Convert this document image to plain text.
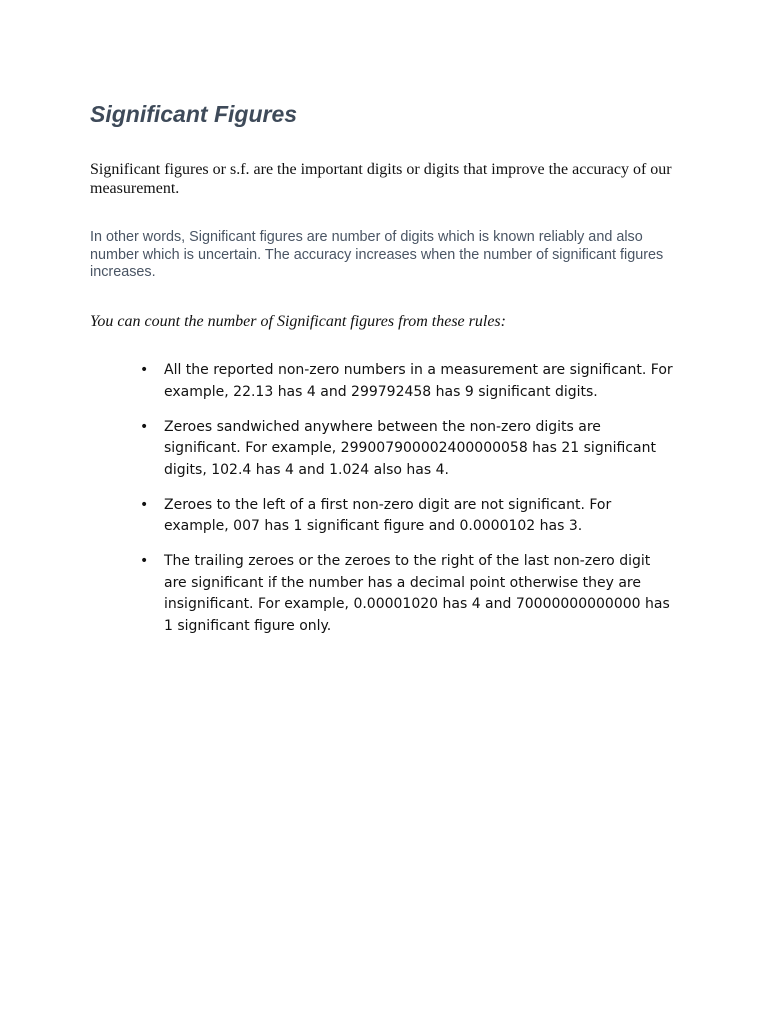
Significant Figures

Significant figures or s.f. are the important digits or digits that improve the accuracy of our measurement.

In other words, Significant figures are number of digits which is known reliably and also number which is uncertain. The accuracy increases when the number of significant figures increases.

You can count the number of Significant figures from these rules:

• All the reported non-zero numbers in a measurement are significant. For example, 22.13 has 4 and 299792458 has 9 significant digits.
• Zeroes sandwiched anywhere between the non-zero digits are significant. For example, 299007900002400000058 has 21 significant digits, 102.4 has 4 and 1.024 also has 4.
• Zeroes to the left of a first non-zero digit are not significant. For example, 007 has 1 significant figure and 0.0000102 has 3.
• The trailing zeroes or the zeroes to the right of the last non-zero digit are significant if the number has a decimal point otherwise they are insignificant. For example, 0.00001020 has 4 and 70000000000000 has 1 significant figure only.
